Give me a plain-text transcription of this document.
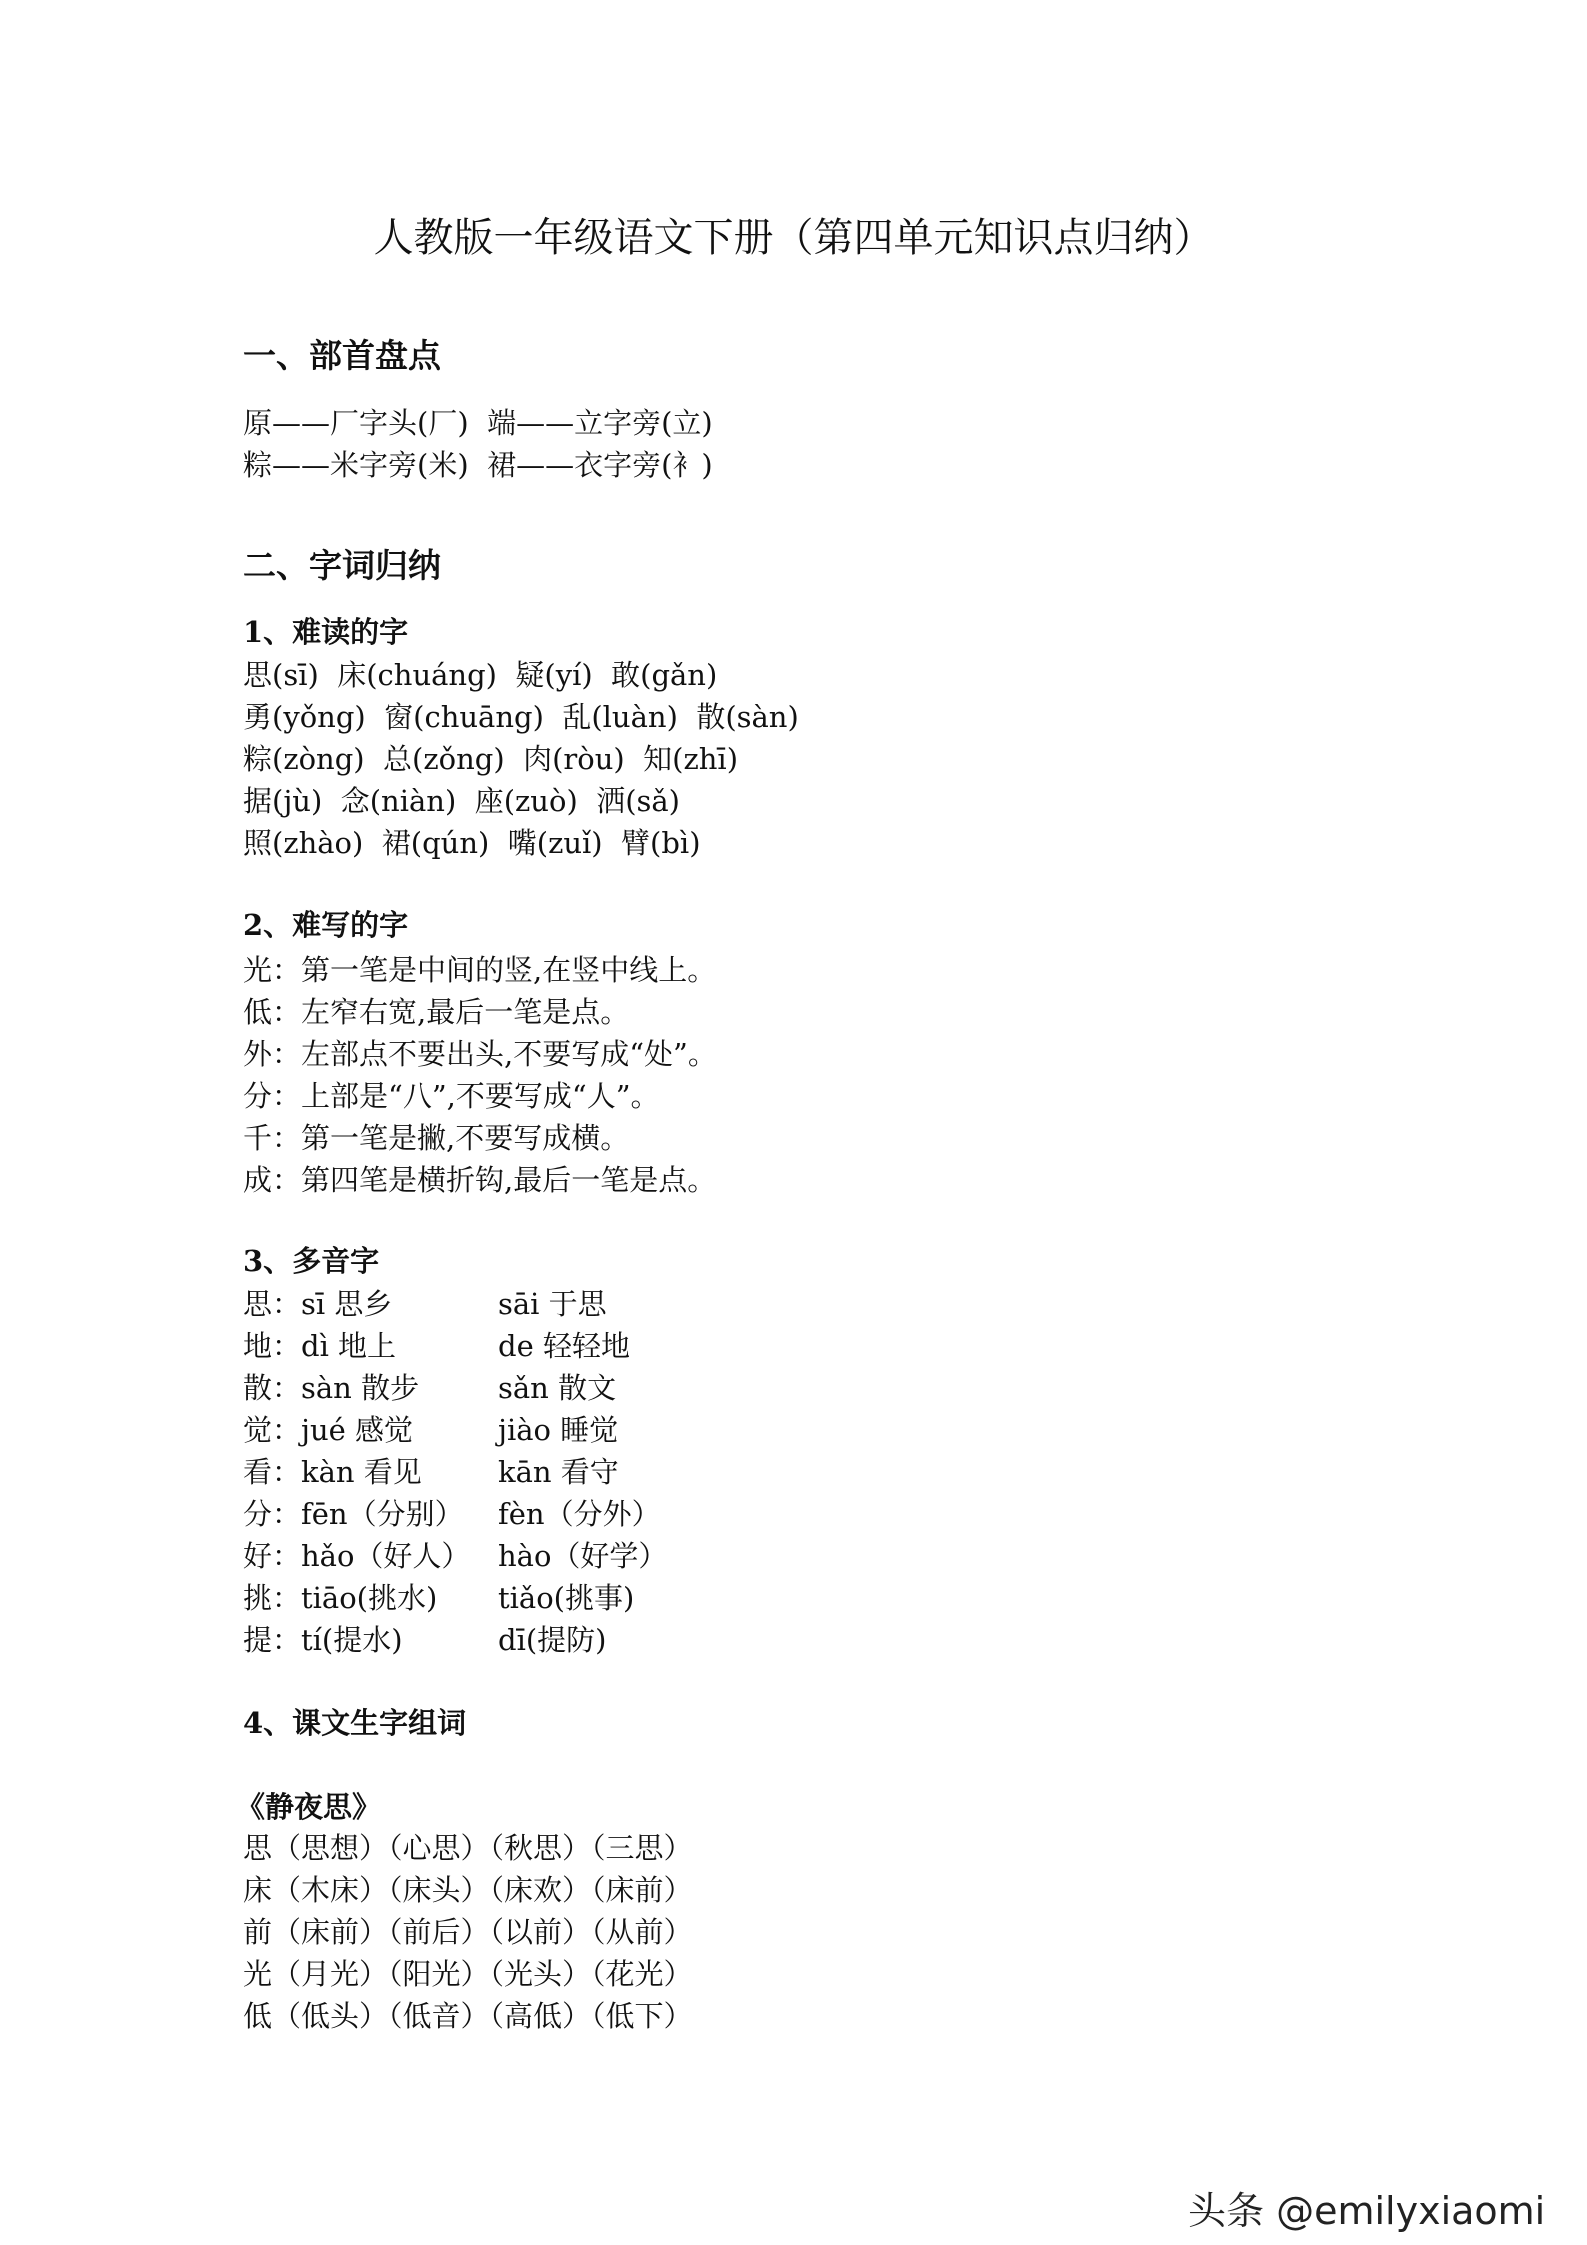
人教版一年级语文下册（第四单元知识点归纳）
一、部首盘点
原——厂字头(厂)  端——立字旁(立)
粽——米字旁(米)  裙——衣字旁(衤)
二、字词归纳
1、难读的字
思(sī)  床(chuáng)  疑(yí)  敢(gǎn)
勇(yǒng)  窗(chuāng)  乱(luàn)  散(sàn)
粽(zòng)  总(zǒng)  肉(ròu)  知(zhī)
据(jù)  念(niàn)  座(zuò)  洒(sǎ)
照(zhào)  裙(qún)  嘴(zuǐ)  臂(bì)
2、难写的字
光：第一笔是中间的竖,在竖中线上。
低：左窄右宽,最后一笔是点。
外：左部点不要出头,不要写成“处”。
分：上部是“八”,不要写成“人”。
千：第一笔是撇,不要写成横。
成：第四笔是横折钩,最后一笔是点。
3、多音字
思：sī 思乡	sāi 于思
地：dì 地上	de 轻轻地
散：sàn 散步	sǎn 散文
觉：jué 感觉	jiào 睡觉
看：kàn 看见	kān 看守
分：fēn（分别） fèn（分外）
好：hǎo（好人） hào（好学）
挑：tiāo(挑水) tiǎo(挑事)
提：tí(提水)	dī(提防)
4、课文生字组词
《静夜思》
思（思想）（心思）（秋思）（三思）
床（木床）（床头）（床欢）（床前）
前（床前）（前后）（以前）（从前）
光（月光）（阳光）（光头）（花光）
低（低头）（低音）（高低）（低下）
头条 @emilyxiaomi
